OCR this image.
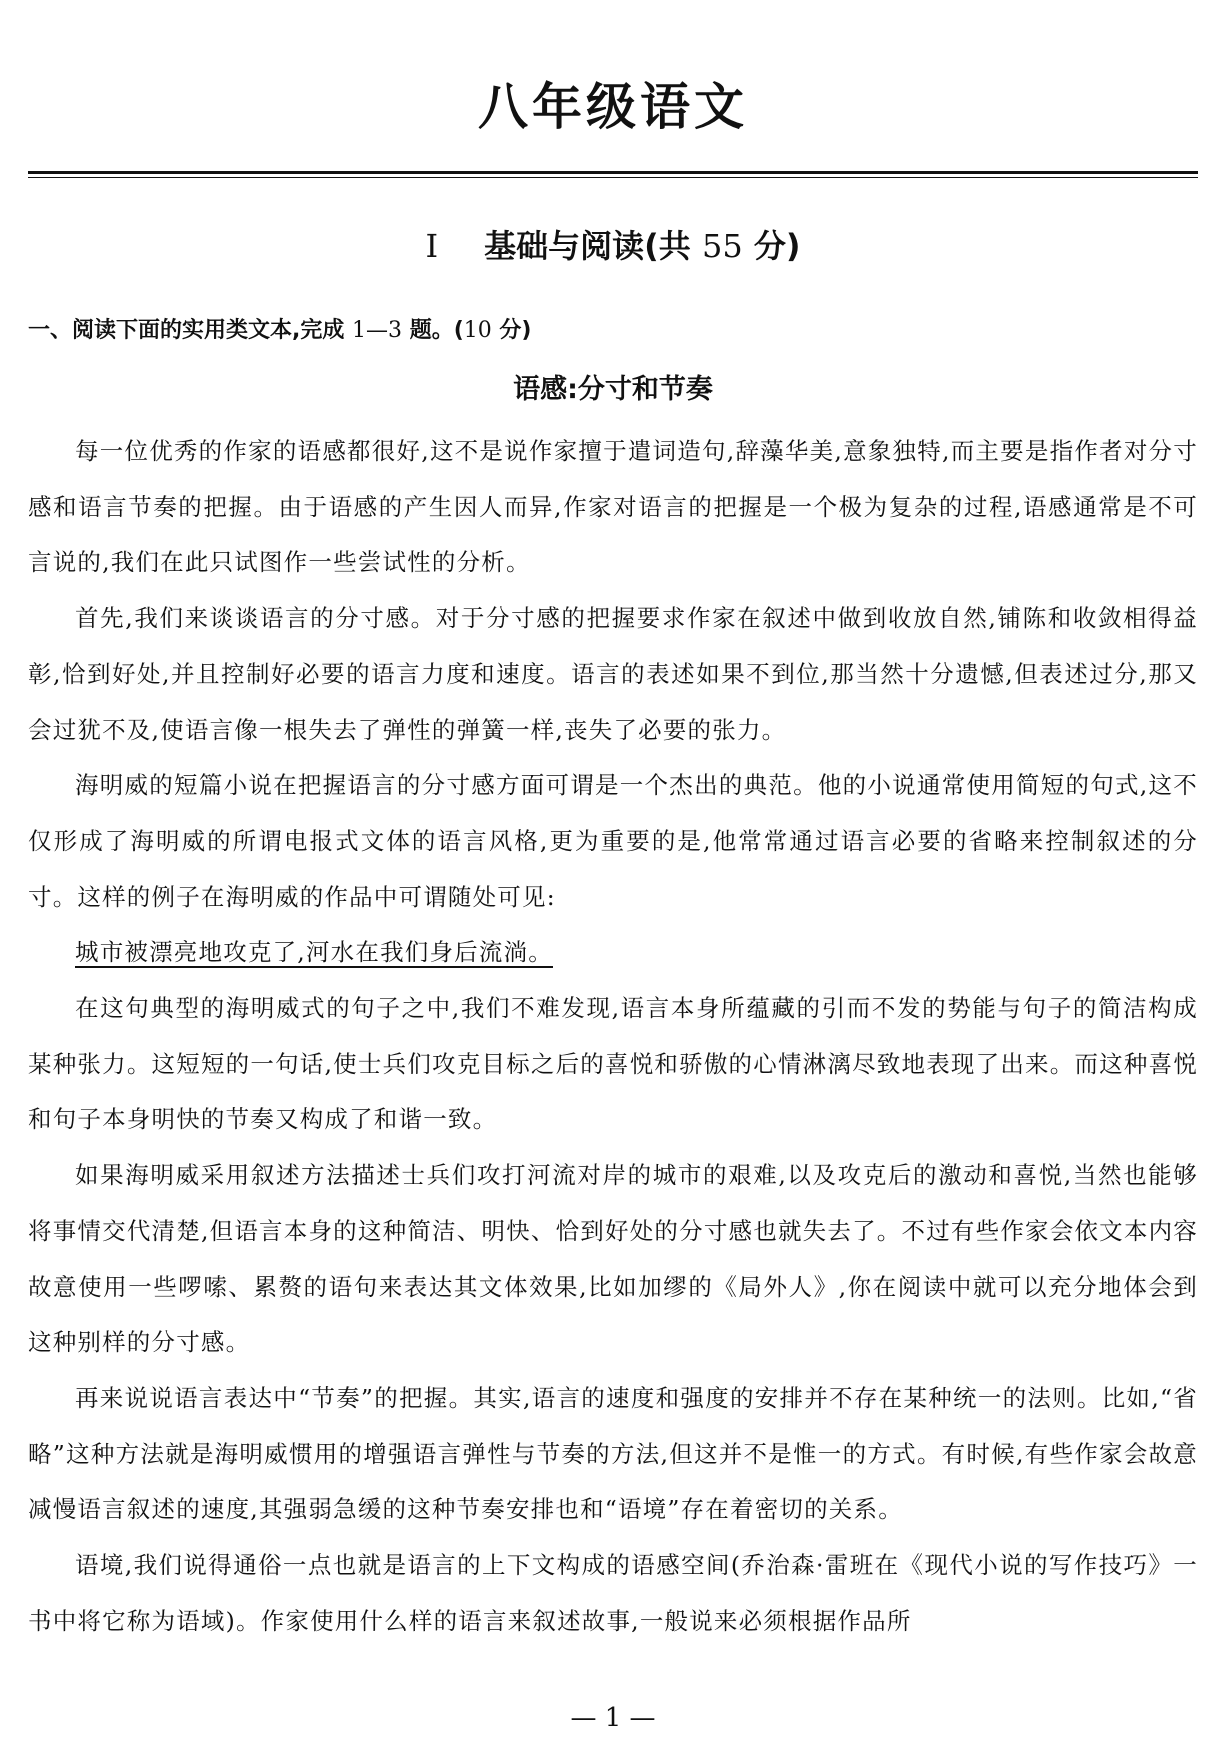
八年级语文
Ⅰ 基础与阅读(共 55 分)
一、阅读下面的实用类文本,完成 1—3 题。(10 分)
语感:分寸和节奏

每一位优秀的作家的语感都很好,这不是说作家擅于遣词造句,辞藻华美,意象独特,而主要是指作者对分寸感和语言节奏的把握。由于语感的产生因人而异,作家对语言的把握是一个极为复杂的过程,语感通常是不可言说的,我们在此只试图作一些尝试性的分析。

首先,我们来谈谈语言的分寸感。对于分寸感的把握要求作家在叙述中做到收放自然,铺陈和收敛相得益彰,恰到好处,并且控制好必要的语言力度和速度。语言的表述如果不到位,那当然十分遗憾,但表述过分,那又会过犹不及,使语言像一根失去了弹性的弹簧一样,丧失了必要的张力。

海明威的短篇小说在把握语言的分寸感方面可谓是一个杰出的典范。他的小说通常使用简短的句式,这不仅形成了海明威的所谓电报式文体的语言风格,更为重要的是,他常常通过语言必要的省略来控制叙述的分寸。这样的例子在海明威的作品中可谓随处可见:

城市被漂亮地攻克了,河水在我们身后流淌。

在这句典型的海明威式的句子之中,我们不难发现,语言本身所蕴藏的引而不发的势能与句子的简洁构成某种张力。这短短的一句话,使士兵们攻克目标之后的喜悦和骄傲的心情淋漓尽致地表现了出来。而这种喜悦和句子本身明快的节奏又构成了和谐一致。

如果海明威采用叙述方法描述士兵们攻打河流对岸的城市的艰难,以及攻克后的激动和喜悦,当然也能够将事情交代清楚,但语言本身的这种简洁、明快、恰到好处的分寸感也就失去了。不过有些作家会依文本内容故意使用一些啰嗦、累赘的语句来表达其文体效果,比如加缪的《局外人》,你在阅读中就可以充分地体会到这种别样的分寸感。

再来说说语言表达中“节奏”的把握。其实,语言的速度和强度的安排并不存在某种统一的法则。比如,“省略”这种方法就是海明威惯用的增强语言弹性与节奏的方法,但这并不是惟一的方式。有时候,有些作家会故意减慢语言叙述的速度,其强弱急缓的这种节奏安排也和“语境”存在着密切的关系。

语境,我们说得通俗一点也就是语言的上下文构成的语感空间(乔治森·雷班在《现代小说的写作技巧》一书中将它称为语域)。作家使用什么样的语言来叙述故事,一般说来必须根据作品所

— 1 —
